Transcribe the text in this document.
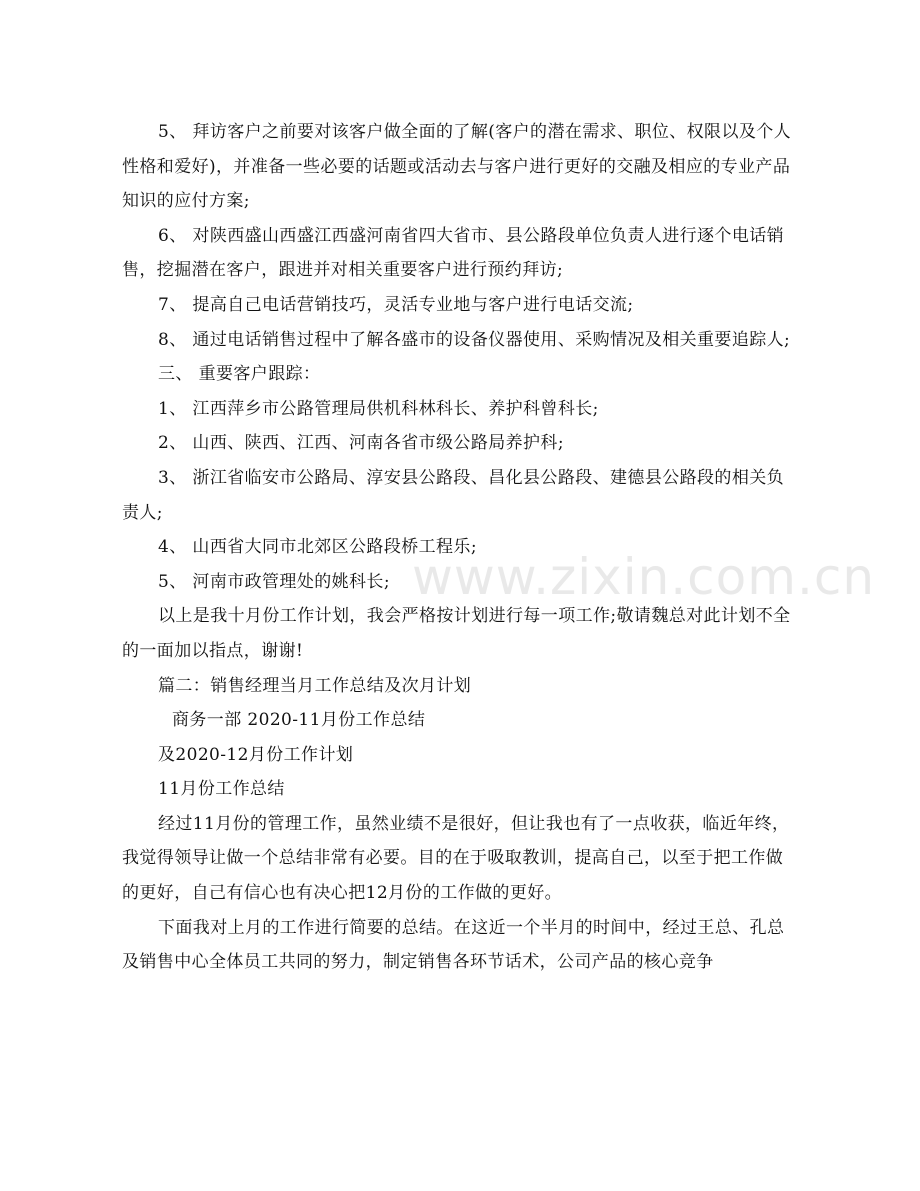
5、 拜访客户之前要对该客户做全面的了解(客户的潜在需求、职位、权限以及个人性格和爱好)，并准备一些必要的话题或活动去与客户进行更好的交融及相应的专业产品知识的应付方案;

6、 对陕西盛山西盛江西盛河南省四大省市、县公路段单位负责人进行逐个电话销售，挖掘潜在客户，跟进并对相关重要客户进行预约拜访;

7、 提高自己电话营销技巧，灵活专业地与客户进行电话交流;

8、 通过电话销售过程中了解各盛市的设备仪器使用、采购情况及相关重要追踪人;

三、 重要客户跟踪：

1、 江西萍乡市公路管理局供机科林科长、养护科曾科长;

2、 山西、陕西、江西、河南各省市级公路局养护科;

3、 浙江省临安市公路局、淳安县公路段、昌化县公路段、建德县公路段的相关负责人;

4、 山西省大同市北郊区公路段桥工程乐;

5、 河南市政管理处的姚科长;

以上是我十月份工作计划，我会严格按计划进行每一项工作;敬请魏总对此计划不全的一面加以指点，谢谢!

篇二：销售经理当月工作总结及次月计划

商务一部 2020-11月份工作总结

及2020-12月份工作计划

11月份工作总结

经过11月份的管理工作，虽然业绩不是很好，但让我也有了一点收获，临近年终，我觉得领导让做一个总结非常有必要。目的在于吸取教训，提高自己，以至于把工作做的更好，自己有信心也有决心把12月份的工作做的更好。

下面我对上月的工作进行简要的总结。在这近一个半月的时间中，经过王总、孔总及销售中心全体员工共同的努力，制定销售各环节话术，公司产品的核心竞争

www.zixin.com.cn
